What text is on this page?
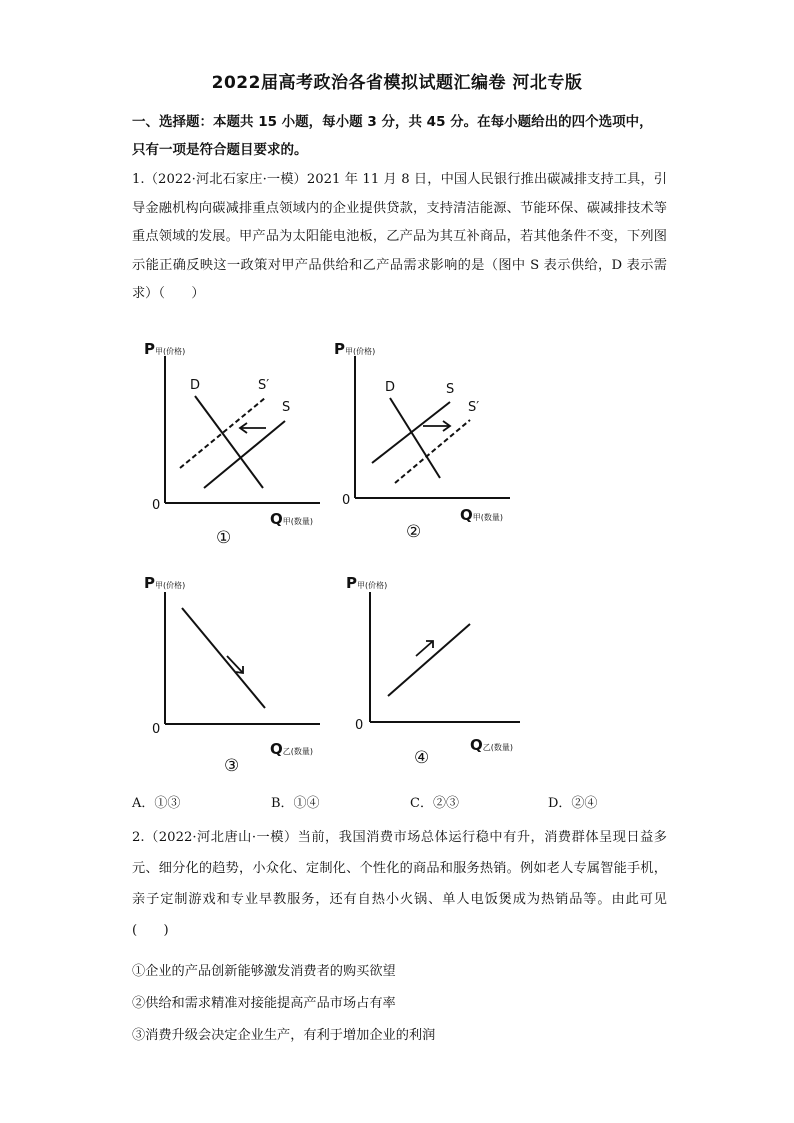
2022届高考政治各省模拟试题汇编卷 河北专版
一、选择题：本题共 15 小题，每小题 3 分，共 45 分。在每小题给出的四个选项中，只有一项是符合题目要求的。
1.（2022·河北石家庄·一模）2021 年 11 月 8 日，中国人民银行推出碳减排支持工具，引导金融机构向碳减排重点领域内的企业提供贷款，支持清洁能源、节能环保、碳减排技术等重点领域的发展。甲产品为太阳能电池板，乙产品为其互补商品，若其他条件不变，下列图示能正确反映这一政策对甲产品供给和乙产品需求影响的是（图中 S 表示供给，D 表示需求）（　　）
P甲(价格)
Q甲(数量)
0
D
S
S′
①
P甲(价格)
Q甲(数量)
0
D	S
S′
②
P甲(价格)
Q乙(数量)
0
③
P甲(价格)
Q乙(数量)
0
④
A．①③	B．①④	C．②③	D．②④
2.（2022·河北唐山·一模）当前，我国消费市场总体运行稳中有升，消费群体呈现日益多元、细分化的趋势，小众化、定制化、个性化的商品和服务热销。例如老人专属智能手机，亲子定制游戏和专业早教服务，还有自热小火锅、单人电饭煲成为热销品等。由此可见(　　)
①企业的产品创新能够激发消费者的购买欲望
②供给和需求精准对接能提高产品市场占有率
③消费升级会决定企业生产，有利于增加企业的利润
